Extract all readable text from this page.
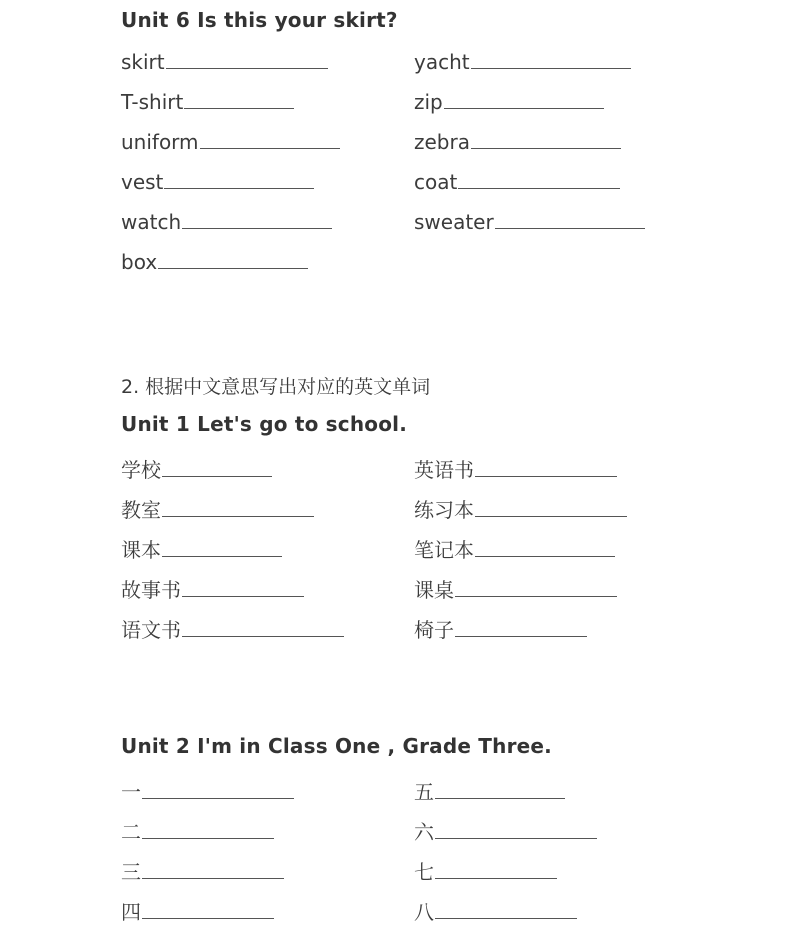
Unit 6 Is this your skirt?
skirt
T-shirt
uniform
vest
watch
box
yacht
zip
zebra
coat
sweater
2. 根据中文意思写出对应的英文单词
Unit 1 Let's go to school.
学校
教室
课本
故事书
语文书
英语书
练习本
笔记本
课桌
椅子
Unit 2 I'm in Class One , Grade Three.
一
二
三
四
五
六
七
八
